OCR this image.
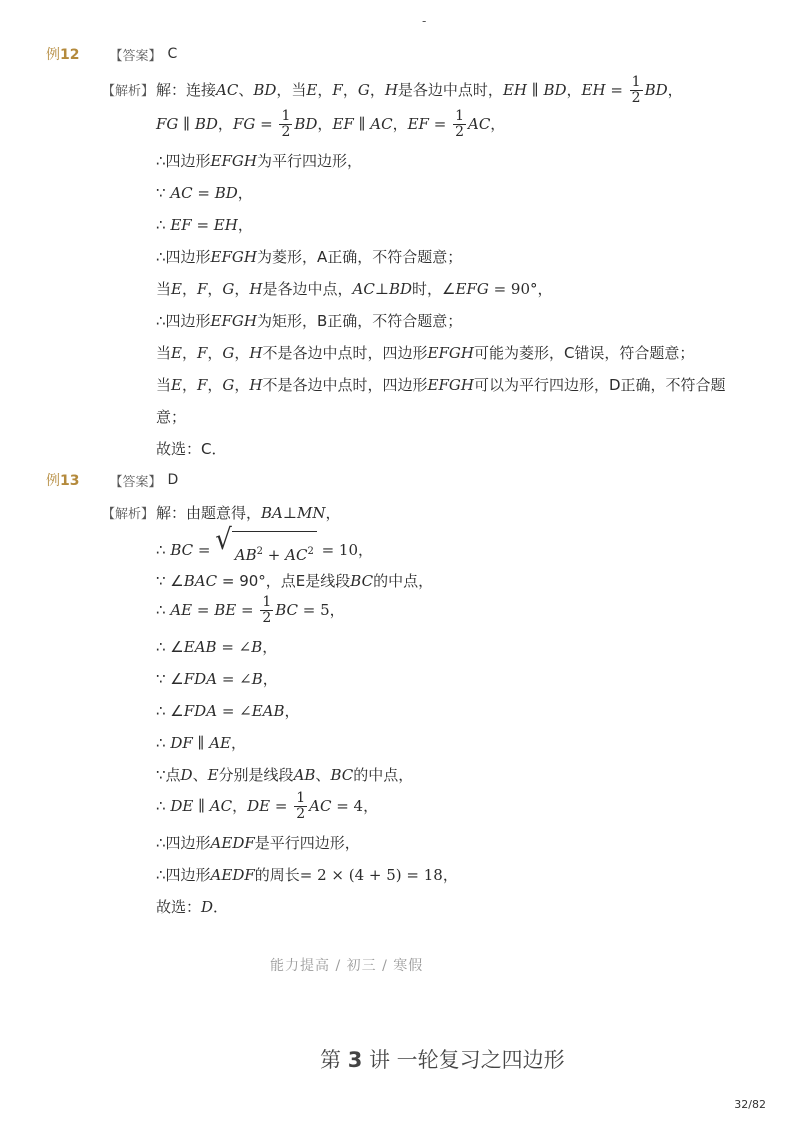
-
例12 【答案】 C
【解析】 解：连接AC、BD，当E，F，G，H是各边中点时，EH ∥ BD，EH = $\frac{1}{2}$ BD，
FG ∥ BD，FG = $\frac{1}{2}$ BD，EF ∥ AC，EF = $\frac{1}{2}$ AC，
∴四边形EFGH为平行四边形，
∵ AC = BD，
∴ EF = EH，
∴四边形EFGH为菱形，A正确，不符合题意；
当E，F，G，H是各边中点，AC⊥BD时，∠EFG = 90°，
∴四边形EFGH为矩形，B正确，不符合题意；
当E，F，G，H不是各边中点时，四边形EFGH可能为菱形，C错误，符合题意；
当E，F，G，H不是各边中点时，四边形EFGH可以为平行四边形，D正确，不符合题
意；
故选：C．
例13 【答案】 D
【解析】 解：由题意得，BA⊥MN，
∴ BC = √ $AB^2 + AC^2 = 10$，
∵ ∠BAC = 90°，点E是线段BC的中点，
∴ AE = BE = $\frac{1}{2}$ BC = 5，
∴ ∠EAB = ∠B，
∵ ∠FDA = ∠B，
∴ ∠FDA = ∠EAB，
∴ DF ∥ AE，
∵点D、E分别是线段AB、BC的中点，
∴ DE ∥ AC，DE = $\frac{1}{2}$ AC = 4，
∴四边形AEDF是平行四边形，
∴四边形AEDF的周长= 2 × (4 + 5) = 18，
故选：D．
能力提高 / 初三 / 寒假
第 3 讲 一轮复习之四边形
32/82
